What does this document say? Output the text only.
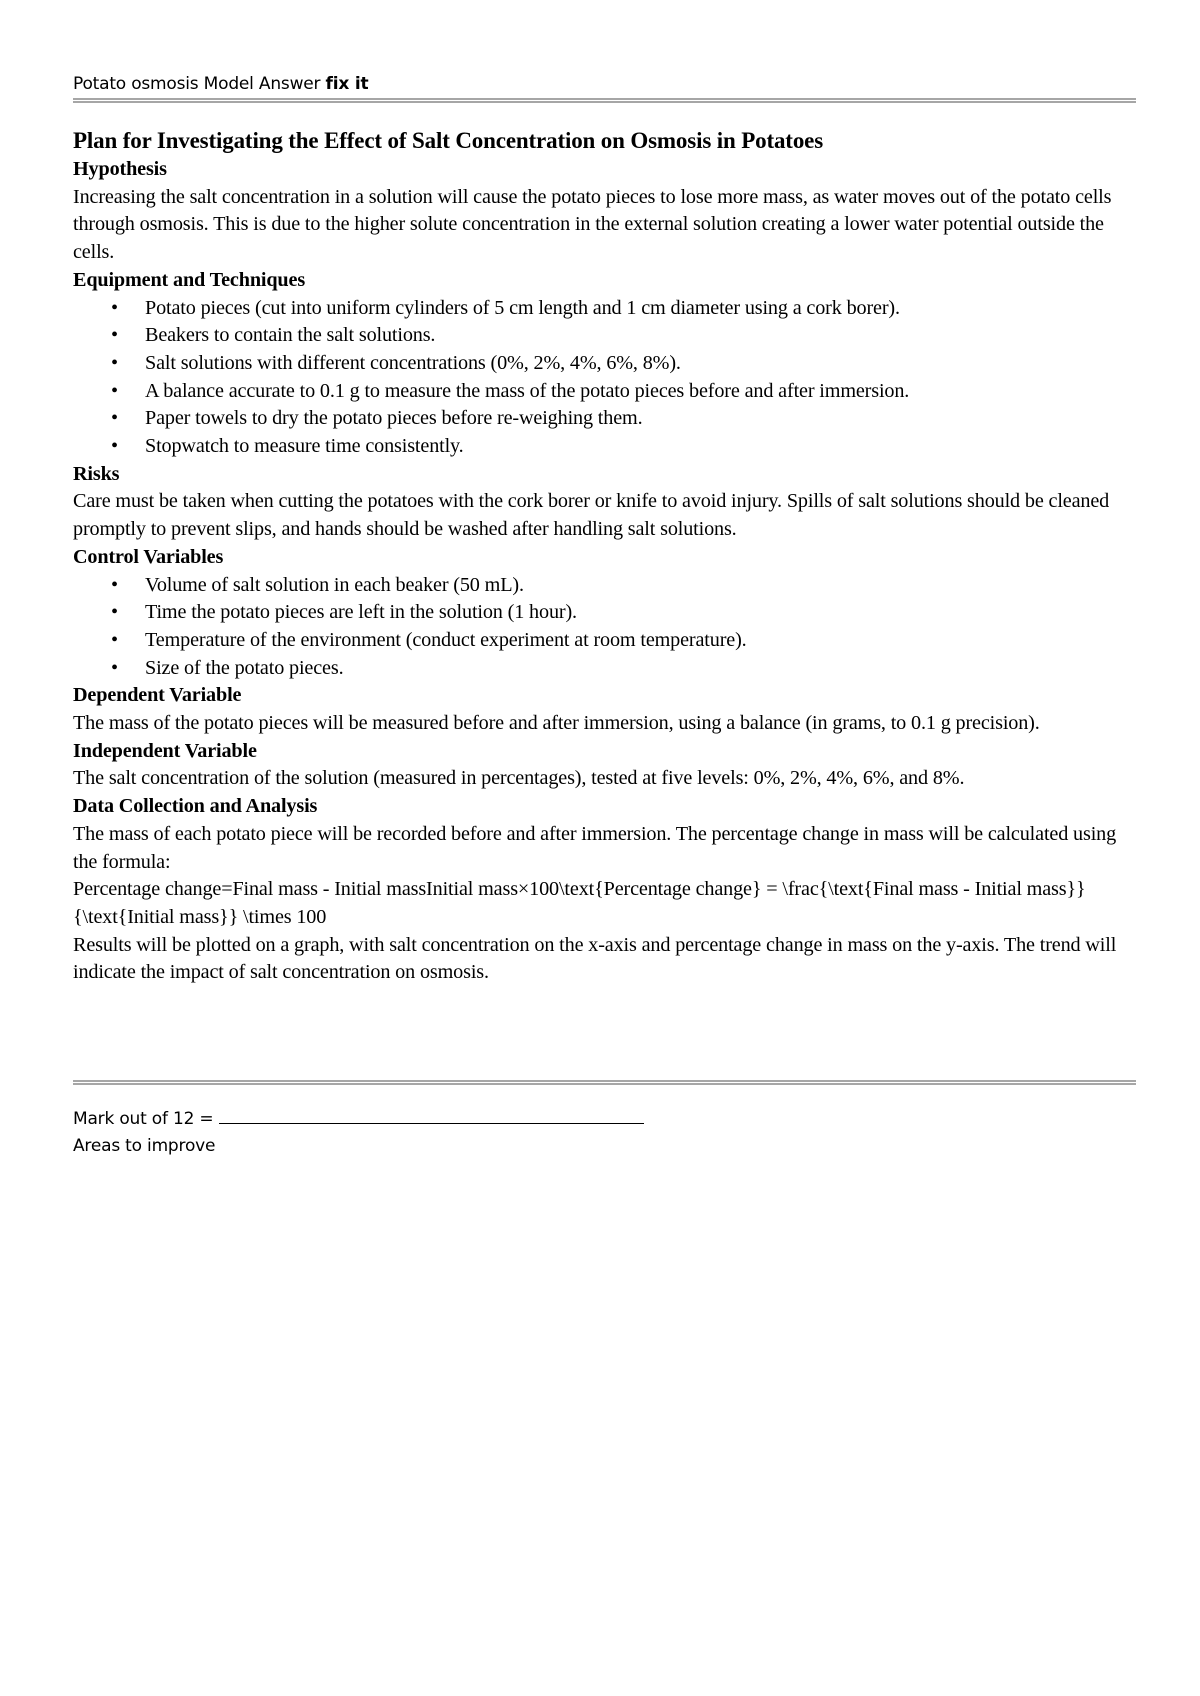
Potato osmosis Model Answer fix it

Plan for Investigating the Effect of Salt Concentration on Osmosis in Potatoes

Hypothesis

Increasing the salt concentration in a solution will cause the potato pieces to lose more mass, as water moves out of the potato cells through osmosis. This is due to the higher solute concentration in the external solution creating a lower water potential outside the cells.

Equipment and Techniques

• Potato pieces (cut into uniform cylinders of 5 cm length and 1 cm diameter using a cork borer).
• Beakers to contain the salt solutions.
• Salt solutions with different concentrations (0%, 2%, 4%, 6%, 8%).
• A balance accurate to 0.1 g to measure the mass of the potato pieces before and after immersion.
• Paper towels to dry the potato pieces before re-weighing them.
• Stopwatch to measure time consistently.

Risks

Care must be taken when cutting the potatoes with the cork borer or knife to avoid injury. Spills of salt solutions should be cleaned promptly to prevent slips, and hands should be washed after handling salt solutions.

Control Variables

• Volume of salt solution in each beaker (50 mL).
• Time the potato pieces are left in the solution (1 hour).
• Temperature of the environment (conduct experiment at room temperature).
• Size of the potato pieces.

Dependent Variable

The mass of the potato pieces will be measured before and after immersion, using a balance (in grams, to 0.1 g precision).

Independent Variable

The salt concentration of the solution (measured in percentages), tested at five levels: 0%, 2%, 4%, 6%, and 8%.

Data Collection and Analysis

The mass of each potato piece will be recorded before and after immersion. The percentage change in mass will be calculated using the formula:

Percentage change=Final mass - Initial massInitial mass×100\text{Percentage change} = \frac{\text{Final mass - Initial mass}}{\text{Initial mass}} \times 100

Results will be plotted on a graph, with salt concentration on the x-axis and percentage change in mass on the y-axis. The trend will indicate the impact of salt concentration on osmosis.

Mark out of 12 =
Areas to improve
